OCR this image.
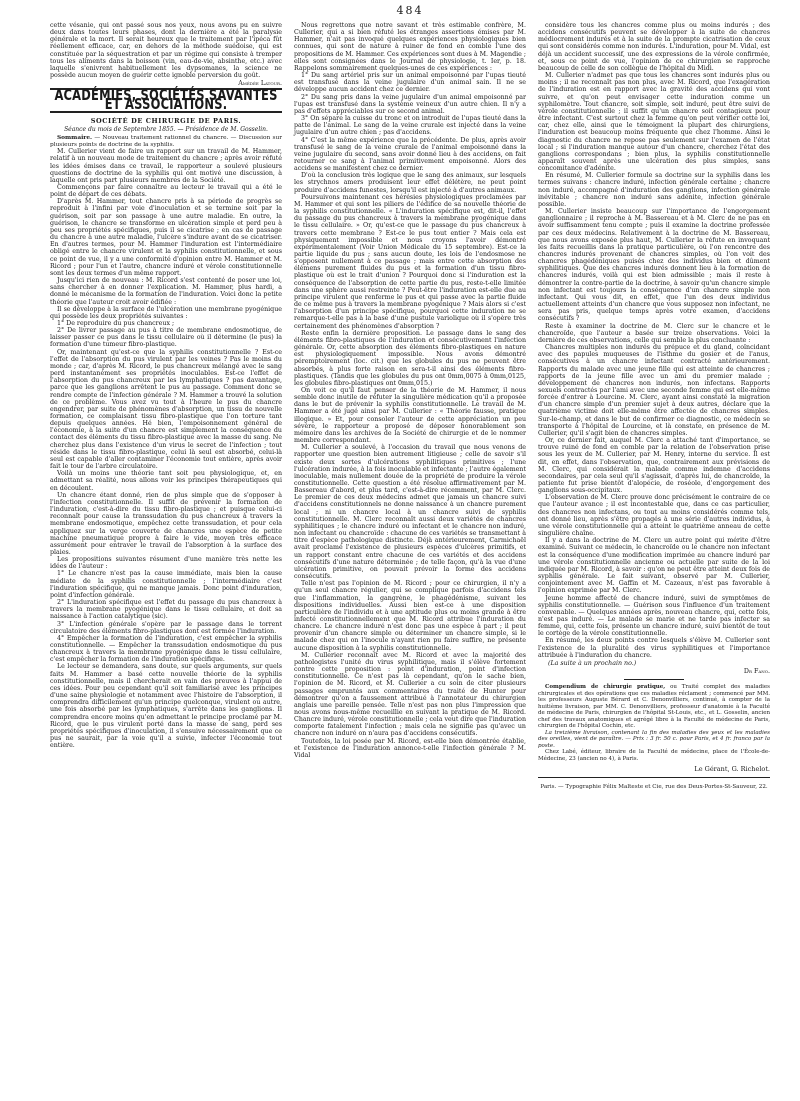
484

cette vésanie, qui ont passé sous nos yeux, nous avons pu en suivre deux dans toutes leurs phases, dont la dernière a été la paralysie générale et la mort. Il serait heureux que le traitement par l'ipéca fût réellement efficace, car, en dehors de la méthode suédoise, qui est constituée par la séquestration et par un régime qui consiste à tremper tous les aliments dans la boisson (vin, eau-de-vie, absinthe, etc.) avec laquelle s'enivrent habituellement les dypsomanes, la science ne possède aucun moyen de guérir cette ignoble perversion du goût.

Amédée Latour.
ACADÉMIES, SOCIÉTÉS SAVANTES ET ASSOCIATIONS.
SOCIÉTÉ DE CHIRURGIE DE PARIS.
Séance du mois de Septembre 1855. — Présidence de M. Gosselin.

Sommaire. — Nouveau traitement rationnel du chancre. — Discussion sur plusieurs points de doctrine de la syphilis.

M. Cullerier vient de faire un rapport sur un travail de M. Hammer, relatif à un nouveau mode de traitement du chancre ; après avoir réfuté les idées émises dans ce travail, le rapporteur a soulevé plusieurs questions de doctrine de la syphilis qui ont motivé une discussion, à laquelle ont pris part plusieurs membres de la Société.

Commençons par faire connaître au lecteur le travail qui a été le point de départ de ces débats.

D'après M. Hammer, tout chancre pris à sa période de progrès se reproduit à l'infini par voie d'inoculation et se termine soit par la guérison, soit par son passage à une autre maladie. En outre, la guérison, le chancre se transforme en ulcération simple et perd peu à peu ses propriétés spécifiques, puis il se cicatrise ; en cas de passage du chancre à une autre maladie, l'ulcère s'indure avant de se cicatriser. En d'autres termes, pour M. Hammer l'induration est l'intermédiaire obligé entre le chancre virulent et la syphilis constitutionnelle, et sous ce point de vue, il y a une conformité d'opinion entre M. Hammer et M. Ricord ; pour l'un et l'autre, chancre induré et vérole constitutionnelle sont les deux termes d'un même rapport.

Jusqu'ici rien de nouveau : M. Ricord s'est contenté de poser une loi, sans chercher à en donner l'explication. M. Hammer, plus hardi, a donné le mécanisme de la formation de l'induration. Voici donc la petite théorie que l'auteur croit avoir édifiée :

Il se développe à la surface de l'ulcération une membrane pyogénique qui possède les deux propriétés suivantes :

1° De reproduire du pus chancreux ;

2° De livrer passage au pus à titre de membrane endosmotique, de laisser passer ce pus dans le tissu cellulaire où il détermine (le pus) la formation d'une tumeur fibro-plastique.

Or, maintenant qu'est-ce que la syphilis constitutionnelle ? Est-ce l'effet de l'absorption du pus virulent par les veines ? Pas le moins du monde ; car, d'après M. Ricord, le pus chancreux mélangé avec le sang perd instantanément ses propriétés inoculables. Est-ce l'effet de l'absorption du pus chancreux par les lymphatiques ? pas davantage, parce que les ganglions arrêtent le pus au passage. Comment donc se rendre compte de l'infection générale ? M. Hammer a trouvé la solution de ce problème. Vous avez vu tout à l'heure le pus du chancre engendrer, par suite de phénomènes d'absorption, un tissu de nouvelle formation, ce complaisant tissu fibro-plastique que l'on torture tant depuis quelques années. Hé bien, l'empoisonnement général de l'économie, à la suite d'un chancre est simplement la conséquence du contact des éléments du tissu fibro-plastique avec la masse du sang. Ne cherchez plus dans l'existence d'un virus le secret de l'infection ; tout réside dans le tissu fibro-plastique, celui là seul est absorbé, celui-là seul est capable d'aller contaminer l'économie tout entière, après avoir fait le tour de l'arbre circulatoire.

Voilà un moins une théorie tant soit peu physiologique, et, en admettant sa réalité, nous allons voir les principes thérapeutiques qui en découlent.

Un chancre étant donné, rien de plus simple que de s'opposer à l'infection constitutionnelle. Il suffit de prévenir la formation de l'induration, c'est-à-dire du tissu fibro-plastique ; et puisque celui-ci reconnaît pour cause la transsudation du pus chancreux à travers la membrane endosmotique, empêchez cette transsudation, et pour cela appliquez sur la verge couverte de chancres une espèce de petite machine pneumatique propre à faire le vide, moyen très efficace assurément pour entraver le travail de l'absorption à la surface des plaies.

Les propositions suivantes résument d'une manière très nette les idées de l'auteur :

1° Le chancre n'est pas la cause immédiate, mais bien la cause médiate de la syphilis constitutionnelle ; l'intermédiaire c'est l'induration spécifique, qui ne manque jamais. Donc point d'induration, point d'infection générale.

2° L'induration spécifique est l'effet du passage du pus chancreux à travers la membrane pyogénique dans le tissu cellulaire, et doit sa naissance à l'action catalytique (sic).

3° L'infection générale s'opère par le passage dans le torrent circulatoire des éléments fibro-plastiques dont est formée l'induration.

4° Empêcher la formation de l'induration, c'est empêcher la syphilis constitutionnelle. — Empêcher la transsudation endosmotique du pus chancreux à travers la membrane pyogénique dans le tissu cellulaire, c'est empêcher la formation de l'induration spécifique.

Le lecteur se demandera, sans doute, sur quels arguments, sur quels faits M. Hammer a basé cette nouvelle théorie de la syphilis constitutionnelle, mais il chercherait en vain des preuves à l'appui de ces idées. Pour peu cependant qu'il soit familiarisé avec les principes d'une saine physiologie et notamment avec l'histoire de l'absorption, il comprendra difficilement qu'un principe quelconque, virulent ou autre, une fois absorbé par les lymphatiques, s'arrête dans les ganglions. Il comprendra encore moins qu'en admettant le principe proclamé par M. Ricord, que le pus virulent porté dans la masse de sang, perd ses propriétés spécifiques d'inoculation, il s'ensuive nécessairement que ce pus ne saurait, par la voie qu'il a suivie, infecter l'économie tout entière.

Nous regrettons que notre savant et très estimable confrère, M. Cullerier, qui a si bien réfuté les étranges assertions émises par M. Hammer, n'ait pas invoqué quelques expériences physiologiques bien connues, qui sont de nature à ruiner de fond en comble l'une des propositions de M. Hammer. Ces expériences sont dues à M. Magendie ; elles sont consignées dans le Journal de physiologie, t. Ier, p. 18. Rappelons sommairement quelques-unes de ces expériences :

1° Du sang artériel pris sur un animal empoisonné par l'upas tieuté est transfusé dans la veine jugulaire d'un animal sain. Il ne se développe aucun accident chez ce dernier.

2° Du sang pris dans la veine jugulaire d'un animal empoisonné par l'upas est transfusé dans la système veineux d'un autre chien. Il n'y a pas d'effets appréciables sur ce second animal.

3° On sépare la cuisse du tronc et on introduit de l'upas tieuté dans la patte de l'animal. Le sang de la veine crurale est injecté dans la veine jugulaire d'un autre chien ; pas d'accidens.

4° C'est la même expérience que la précédente. De plus, après avoir transfusé le sang de la veine crurale de l'animal empoisonné dans la veine jugulaire du second, sans avoir donné lieu à des accidens, on fait retourner ce sang à l'animal primitivement empoisonné. Alors des accidens se manifestent chez ce dernier.

D'où la conclusion très logique que le sang des animaux, sur lesquels les strychnos amers produisent leur effet délétère, ne peut point produire d'accidens funestes, lorsqu'il est injecté à d'autres animaux.

Poursuivons maintenant ces hérésies physiologiques proclamées par M. Hammer et qui sont les piliers de l'édifice de sa nouvelle théorie de la syphilis constitutionnelle. « L'induration spécifique est, dit-il, l'effet du passage du pus chancreux à travers la membrane pyogénique dans le tissu cellulaire. » Or, qu'est-ce que le passage du pus chancreux à travers cette membrane ? Est-ce le pus tout entier ? Mais cela est physiquement impossible et nous croyons l'avoir démontré expérimentalement (Voir Union Médicale du 15 septembre). Est-ce la partie liquide du pus ; sans aucun doute, les lois de l'endosmose ne s'opposent nullement à ce passage ; mais entre cette absorption des élémens purement fluides du pus et la formation d'un tissu fibro-plastique où est le trait d'union ? Pourquoi donc si l'induration est la conséquence de l'absorption de cette partie du pus, reste-t-elle limitée dans une sphère aussi restreinte ? Peut-être l'induration est-elle due au principe virulent que renferme le pus et qui passe avec la partie fluide de ce même pus à travers la membrane pyogénique ? Mais alors si c'est l'absorption d'un principe spécifique, pourquoi cette induration ne se remarque-t-elle pas à la base d'une pustule variolique où il s'opère très certainement des phénomènes d'absorption ?

Reste enfin la dernière proposition. Le passage dans le sang des éléments fibro-plastiques de l'induration et consécutivement l'infection générale. Or, cette absorption des éléments fibro-plastiques en nature est physiologiquement impossible. Nous avons démontré péremptoirement (loc. cit.) que les globules du pus ne peuvent être absorbés, à plus forte raison en sera-t-il ainsi des éléments fibro-plastiques. (Tandis que les globules du pus ont 0mm,0075 à 0mm,0125, les globules fibro-plastiques ont 0mm,015.)

On voit ce qu'il faut penser de la théorie de M. Hammer, il nous semble donc inutile de réfuter la singulière médication qu'il a proposée dans le but de prévenir la syphilis constitutionnelle. Le travail de M. Hammer a été jugé ainsi par M. Cullerier : « Théorie fausse, pratique illogique. » Et, pour consoler l'auteur de cette appréciation un peu sévère, le rapporteur a proposé de déposer honorablement son mémoire dans les archives de la Société de chirurgie et de le nommer membre correspondant.

M. Cullerier a soulevé, à l'occasion du travail que nous venons de rapporter une question bien autrement litigieuse ; celle de savoir s'il existe deux sortes d'ulcérations syphilitiques primitives ; l'une l'ulcération indurée, à la fois inoculable et infectante ; l'autre également inoculable, mais nullement douée de la propriété de produire la vérole constitutionnelle. Cette question a été résolue affirmativement par M. Bassereau d'abord, et plus tard, c'est-à-dire récemment, par M. Clerc. Le premier de ces deux médecins admet que jamais un chancre suivi d'accidens constitutionnels ne donne naissance à un chancre purement local ; ni un chancre local à un chancre suivi de syphilis constitutionnelle. M. Clerc reconnaît aussi deux variétés de chancres syphilitiques ; le chancre induré ou infectant et le chancre non induré, non infectant ou chancroïde : chacune de ces variétés se transmettant à titre d'espèce pathologique distincte. Déjà antérieurement, Carmichaël avait proclamé l'existence de plusieurs espèces d'ulcères primitifs, et un rapport constant entre chacune de ces variétés et des accidens consécutifs d'une nature déterminée ; de telle façon, qu'à la vue d'une ulcération primitive, on pouvait prévoir la forme des accidens consécutifs.

Telle n'est pas l'opinion de M. Ricord ; pour ce chirurgien, il n'y a qu'un seul chancre régulier, qui se complique parfois d'accidens tels que l'inflammation, la gangrène, le phagédénisme, suivant les dispositions individuelles. Aussi bien est-ce à une disposition particulière de l'individu et à une aptitude plus ou moins grande à être infecté constitutionnellement que M. Ricord attribue l'induration du chancre. Le chancre induré n'est donc pas une espèce à part ; il peut provenir d'un chancre simple ou déterminer un chancre simple, si le malade chez qui on l'inocule n'ayant rien pu faire suffire, ne présente aucune disposition à la syphilis constitutionnelle.

M. Cullerier reconnaît avec M. Ricord et avec la majorité des pathologistes l'unité du virus syphilitique, mais il s'élève fortement contre cette proposition : point d'induration, point d'infection constitutionnelle. Ce n'est pas là cependant, qu'on le sache bien, l'opinion de M. Ricord, et M. Cullerier a cu soin de citer plusieurs passages empruntés aux commentaires du traité de Hunter pour démontrer qu'on a faussement attribué à l'annotateur du chirurgien anglais une pareille pensée. Telle n'est pas non plus l'impression que nous avons nous-même recueillie en suivant la pratique de M. Ricord. Chancre induré, vérole constitutionnelle ; cela veut dire que l'induration comporte fatalement l'infection ; mais cela ne signifie pas qu'avec un chancre non induré on n'aura pas d'accidens consécutifs.

Toutefois, la loi posée par M. Ricord, est-elle bien démontrée établie, et l'existence de l'induration annonce-t-elle l'infection générale ? M. Vidal

considère tous les chancres comme plus ou moins indurés ; des accidens consécutifs peuvent se développer à la suite de chancres médiocrement indurés et à la suite de la prompte cicatrisation de ceux qui sont considérés comme non indurés. L'induration, pour M. Vidal, est déjà un accident successif, une des expressions de la vérole confirmée, et, sous ce point de vue, l'opinion de ce chirurgien se rapproche beaucoup de celle de son collègue de l'hôpital du Midi.

M. Cullerier n'admet pas que tous les chancres sont indurés plus ou moins ; il ne reconnaît pas non plus, avec M. Ricord, que l'exagération de l'induration est en rapport avec la gravité des accidens qui vont suivre, et qu'on peut envisager cette induration comme un syphilomètre. Tout chancre, soit simple, soit induré, peut être suivi de vérole constitutionnelle ; il suffit qu'un chancre soit contagieux pour être infectant. C'est surtout chez la femme qu'on peut vérifier cette loi, car, chez elle, ainsi que le témoignent la plupart des chirurgiens, l'induration est beaucoup moins fréquente que chez l'homme. Ainsi le diagnostic du chancre ne repose pas seulement sur l'examen de l'état local ; si l'induration manque autour d'un chancre, cherchez l'état des ganglions correspondans ; bien plus, la syphilis constitutionnelle apparaît souvent après une ulcération des plus simples, sans concomitance d'adénite.

En résumé, M. Cullerier formule sa doctrine sur la syphilis dans les termes suivans : chancre induré, infection générale certaine ; chancre non induré, accompagné d'induration des ganglions, infection générale inévitable ; chancre non induré sans adénite, infection générale possible.

M. Cullerier insiste beaucoup sur l'importance de l'engorgement ganglionnaire ; il reproche à M. Bassereau et à M. Clerc de ne pas en avoir suffisamment tenu compte ; puis il examine la doctrine professée par ces deux médecins. Relativement à la doctrine de M. Bassereau, que nous avons exposée plus haut, M. Cullerier la réfute en invoquant les faits recueillis dans la pratique particulière, où l'on rencontre des chancres indurés provenant de chancres simples, où l'on voit des chancres phagédéniques puisés chez des individus bien et dûment syphilitiques. Que des chancres indurés donnent lieu à la formation de chancres indurés, voilà qui est bien admissible ; mais il reste à démontrer la contre-partie de la doctrine, à savoir qu'un chancre simple non infectant est toujours la conséquence d'un chancre simple non infectant. Qui vous dit, en effet, que l'un des deux individus actuellement atteints d'un chancre que vous supposez non infectant, ne sera pas pris, quelque temps après votre examen, d'accidens consécutifs ?

Reste à examiner la doctrine de M. Clerc sur le chancre et le chancroïde, que l'auteur a basée sur treize observations. Voici la dernière de ces observations, celle qui semble la plus concluante :

Chancres multiples non indurés du prépuce et du gland, coïncidant avec des papules muqueuses de l'isthme du gosier et de l'anus, consécutives à un chancre infectant contracté antérieurement. Rapports du malade avec une jeune fille qui est atteinte de chancres ; rapports de la jeune fille avec un ami du premier malade ; développement de chancres non indurés, non infectans. Rapports sexuels contractés par l'ami avec une seconde femme qui est elle-même forcée d'entrer à Lourcine. M. Clerc, ayant ainsi constaté la migration d'un chancre simple d'un premier sujet à deux autres, déclare que la quatrième victime doit elle-même être affectée de chancres simples. Sur-le-champ, et dans le but de confirmer ce diagnostic, ce médecin se transporte à l'hôpital de Lourcine, et là constate, en présence de M. Cullerier, qu'il s'agit bien de chancres simples.

Or, ce dernier fait, auquel M. Clerc a attaché tant d'importance, se trouve ruiné de fond en comble par la relation de l'observation prise sous les yeux de M. Cullerier, par M. Henry, interne du service. Il est dit, en effet, dans l'observation, que, contrairement aux prévisions de M. Clerc, qui considérait la malade comme indemne d'accidens secondaires, par cela seul qu'il s'agissait, d'après lui, de chancroïde, la patiente fut prise bientôt d'alopécie, de roséole, d'engorgement des ganglions sous-occipitaux.

L'observation de M. Clerc prouve donc précisément le contraire de ce que l'auteur avance ; il est incontestable que, dans ce cas particulier, des chancres non infectans, ou tout au moins considérés comme tels, ont donné lieu, après s'être propagés à une série d'autres individus, à une vérole constitutionnelle qui a atteint le quatrième anneau de cette singulière chaîne.

Il y a dans la doctrine de M. Clerc un autre point qui mérite d'être examiné. Suivant ce médecin, le chancroïde ou le chancre non infectant est la conséquence d'une modification imprimée au chancre induré par une vérole constitutionnelle ancienne ou actuelle par suite de la loi indiquée par M. Ricord, à savoir : qu'on ne peut être atteint deux fois de syphilis générale. Le fait suivant, observé par M. Cullerier, conjointement avec M. Gaffin et M. Cazeaux, n'est pas favorable à l'opinion exprimée par M. Clerc.

Jeune homme affecté de chancre induré, suivi de symptômes de syphilis constitutionnelle. — Guérison sous l'influence d'un traitement convenable. — Quelques années après, nouveau chancre, qui, cette fois, n'est pas induré. — Le malade se marie et ne tarde pas infecter sa femme, qui, cette fois, présente un chancre induré, suivi bientôt de tout le cortège de la vérole constitutionnelle.

En résumé, les deux points contre lesquels s'élève M. Cullerier sont l'existence de la pluralité des virus syphilitiques et l'importance attribuée à l'induration du chancre.

(La suite à un prochain no.)
Dr Fano.

Compendium de chirurgie pratique, ou Traité complet des maladies chirurgicales et des opérations que ces maladies réclament ; commencé par MM. les professeurs Auguste Bérard et C. Denonvilliers, continué, à compter de la huitième livraison, par MM. C. Denonvilliers, professeur d'anatomie à la Faculté de médecine de Paris, chirurgien de l'hôpital St-Louis, etc., et L. Gosselin, ancien chef des travaux anatomiques et agrégé libre à la Faculté de médecine de Paris, chirurgien de l'hôpital Cochin, etc.

La treizième livraison, contenant la fin des maladies des yeux et les maladies des oreilles, vient de paraître. — Prix : 3 fr. 50 c. pour Paris, et 4 fr. franco par la poste.

Chez Labé, éditeur, libraire de la Faculté de médecine, place de l'École-de-Médecine, 23 (ancien no 4), à Paris.

Le Gérant, G. Richelot.
Paris. — Typographie Félix Malteste et Cie, rue des Deux-Portes-St-Sauveur, 22.
